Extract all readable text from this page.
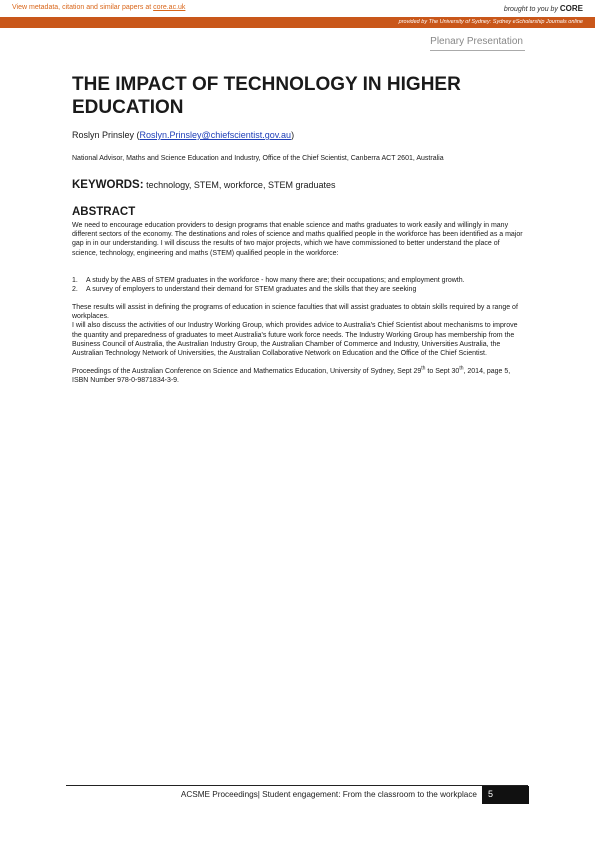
View metadata, citation and similar papers at core.ac.uk	brought to you by CORE
provided by The University of Sydney: Sydney eScholarship Journals online
Plenary Presentation
THE IMPACT OF TECHNOLOGY IN HIGHER EDUCATION
Roslyn Prinsley (Roslyn.Prinsley@chiefscientist.gov.au)
National Advisor, Maths and Science Education and Industry, Office of the Chief Scientist, Canberra ACT 2601, Australia
KEYWORDS: technology, STEM, workforce, STEM graduates
ABSTRACT

We need to encourage education providers to design programs that enable science and maths graduates to work easily and willingly in many different sectors of the economy. The destinations and roles of science and maths qualified people in the workforce has been identified as a major gap in in our understanding. I will discuss the results of two major projects, which we have commissioned to better understand the place of science, technology, engineering and maths (STEM) qualified people in the workforce:

1. A study by the ABS of STEM graduates in the workforce - how many there are; their occupations; and employment growth.
2. A survey of employers to understand their demand for STEM graduates and the skills that they are seeking

These results will assist in defining the programs of education in science faculties that will assist graduates to obtain skills required by a range of workplaces.

I will also discuss the activities of our Industry Working Group, which provides advice to Australia's Chief Scientist about mechanisms to improve the quantity and preparedness of graduates to meet Australia's future work force needs. The Industry Working Group has membership from the Business Council of Australia, the Australian Industry Group, the Australian Chamber of Commerce and Industry, Universities Australia, the Australian Technology Network of Universities, the Australian Collaborative Network on Education and the Office of the Chief Scientist.

Proceedings of the Australian Conference on Science and Mathematics Education, University of Sydney, Sept 29th to Sept 30th, 2014, page 5, ISBN Number 978-0-9871834-3-9.

ACSME Proceedings| Student engagement: From the classroom to the workplace 5
